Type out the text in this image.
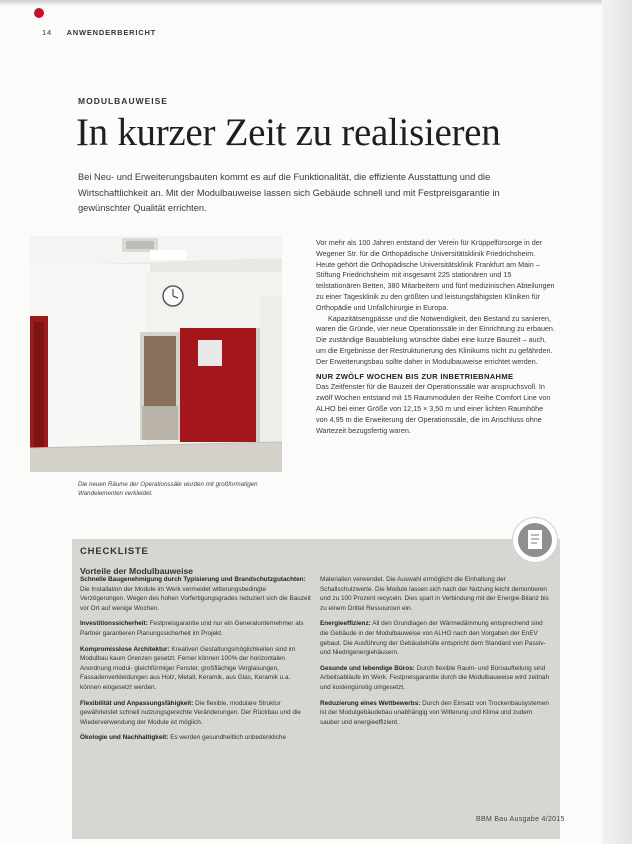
14 ANWENDERBERICHT
MODULBAUWEISE
In kurzer Zeit zu realisieren
Bei Neu- und Erweiterungsbauten kommt es auf die Funktionalität, die effiziente Ausstattung und die Wirtschaftlichkeit an. Mit der Modulbauweise lassen sich Gebäude schnell und mit Festpreisgarantie in gewünschter Qualität errichten.
Die neuen Räume der Operationssäle wurden mit großformatigen Wandelementen verkleidet.

Vor mehr als 100 Jahren entstand der Verein für Krüppelfürsorge in der Wegener Str. für die Orthopädische Universitätsklinik Friedrichsheim. Heute gehört die Orthopädische Universitätsklinik Frankfurt am Main – Stiftung Friedrichsheim mit insgesamt 225 stationären und 15 teilstationären Betten, 380 Mitarbeitern und fünf medizinischen Abteilungen zu einer Tagesklinik zu den größten und leistungsfähigsten Kliniken für Orthopädie und Unfallchirurgie in Europa.

Kapazitätsengpässe und die Notwendigkeit, den Bestand zu sanieren, waren die Gründe, vier neue Operationssäle in der Einrichtung zu erbauen. Die zuständige Bauabteilung wünschte dabei eine kurze Bauzeit – auch, um die Ergebnisse der Restrukturierung des Klinikums nicht zu gefährden. Der Erweiterungsbau sollte daher in Modulbauweise errichtet werden.

NUR ZWÖLF WOCHEN BIS ZUR INBETRIEBNAHME

Das Zeitfenster für die Bauzeit der Operationssäle war anspruchsvoll. In zwölf Wochen entstand mit 15 Raummodulen der Reihe Comfort Line von ALHO bei einer Größe von 12,15 × 3,50 m und einer lichten Raumhöhe von 4,95 m die Erweiterung der Operationssäle, die im Anschluss ohne Wartezeit bezugsfertig waren.

CHECKLISTE
Vorteile der Modulbauweise

Schnelle Baugenehmigung durch Typisierung und Brandschutzgutachten: Die Installation der Module im Werk vermeidet witterungsbedingte Verzögerungen. Wegen des hohen Vorfertigungsgrades reduziert sich die Bauzeit vor Ort auf wenige Wochen.

Investitionssicherheit: Festpreisgarantie und nur ein Generalunternehmer als Partner garantieren Planungssicherheit im Projekt.

Kompromisslose Architektur: Kreativen Gestaltungsmöglichkeiten sind im Modulbau kaum Grenzen gesetzt. Ferner können 100% der horizontalen Anordnung modul- gleichförmiger Fenster, großflächige Verglasungen, Fassadenverkleidungen aus Holz, Metall, Keramik, aus Glas, Keramik u.a. können eingesetzt werden.

Flexibilität und Anpassungsfähigkeit: Die flexible, modulare Struktur gewährleistet schnell nutzungsgerechte Veränderungen. Der Rückbau und die Wiederverwendung der Module ist möglich.

Ökologie und Nachhaltigkeit: Es werden gesundheitlich unbedenkliche

Materialien verwendet. Die Auswahl ermöglicht die Einhaltung der Schallschutzwerte. Die Module lassen sich nach der Nutzung leicht demontieren und zu 100 Prozent recyceln. Dies spart in Verbindung mit der Energie-Bilanz bis zu einem Drittel Ressourcen ein.

Energieeffizienz: All den Grundlagen der Wärmedämmung entsprechend sind die Gebäude in der Modulbauweise von ALHO nach den Vorgaben der EnEV gebaut. Die Ausführung der Gebäudehülle entspricht dem Standard von Passiv- und Niedrigenergiehäusern.

Gesunde und lebendige Büros: Durch flexible Raum- und Büroaufteilung sind Arbeitsabläufe im Werk. Festpreisgarantie durch die Modulbauweise wird zeitnah und kostengünstig umgesetzt.

Reduzierung eines Wettbewerbs: Durch den Einsatz von Trockenbausystemen ist der Modulgebäudebau unabhängig von Witterung und Klima und zudem sauber und energieeffizient.

BBM Bau Ausgabe 4/2015
